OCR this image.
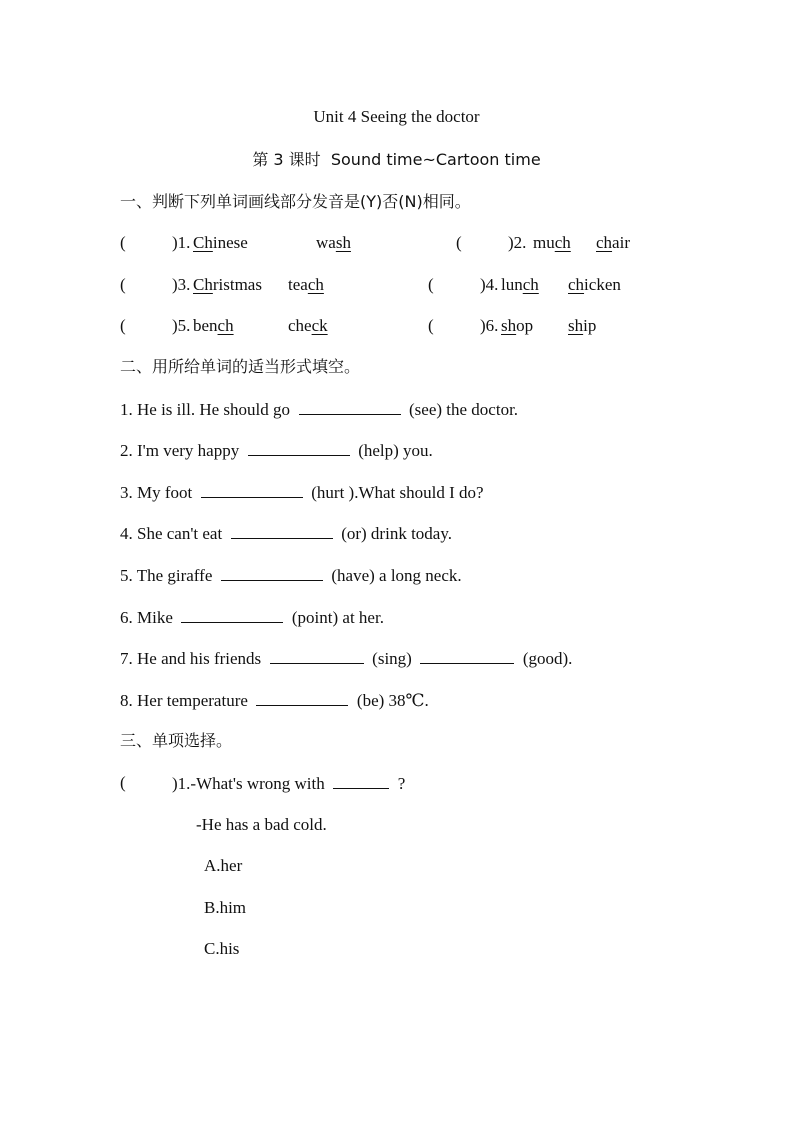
Unit 4 Seeing the doctor
第 3 课时  Sound time~Cartoon time
一、判断下列单词画线部分发音是(Y)否(N)相同。
(	)1. Chinese	wash	(	)2. much chair
(	)3. Christmas teach	(	)4. lunch chicken
(	)5. bench	check	(	)6. shop ship
二、用所给单词的适当形式填空。
1. He is ill. He should go	(see) the doctor.
2. I'm very happy	(help) you.
3. My foot	(hurt ).What should I do?
4. She can't eat	(or) drink today.
5. The giraffe	(have) a long neck.
6. Mike	(point) at her.
7. He and his friends	(sing)	(good).
8. Her temperature	(be) 38℃.
三、单项选择。
(	)1.-What's wrong with	?
-He has a bad cold.
A.her
B.him
C.his
